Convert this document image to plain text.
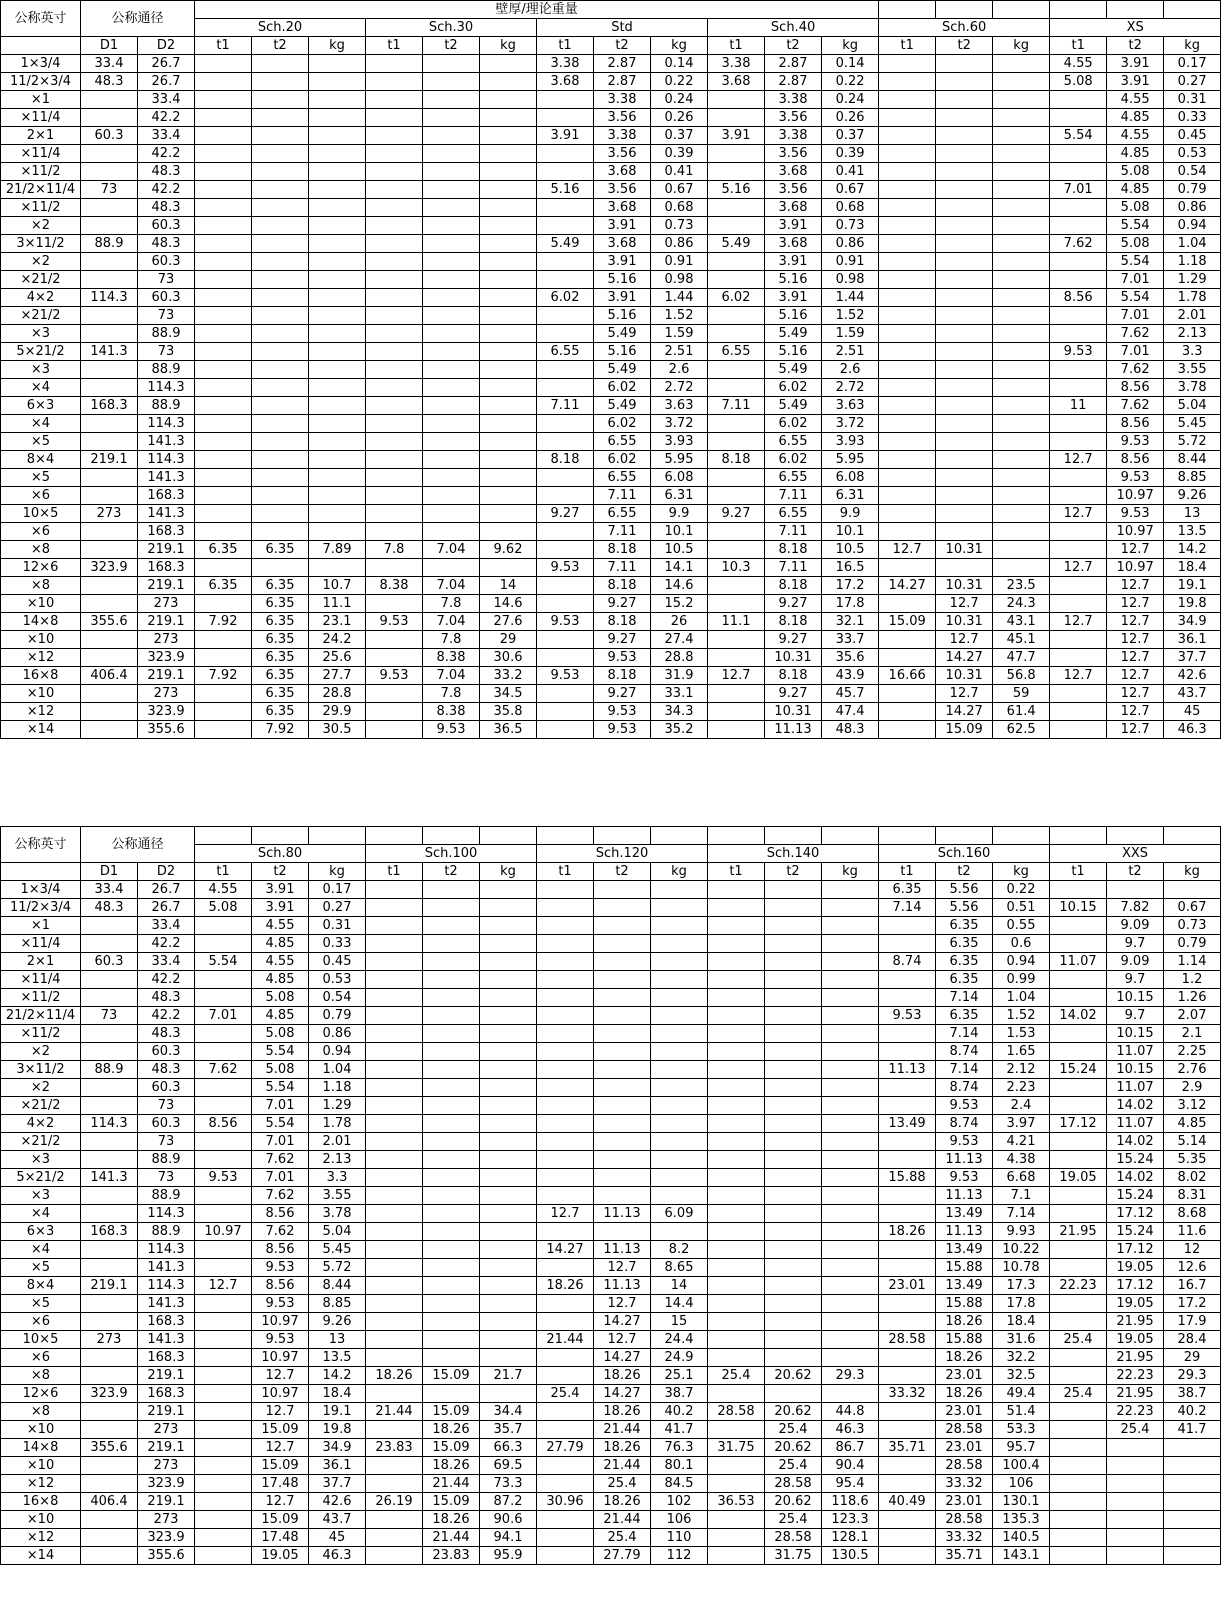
公称英寸	公称通径		壁厚/理论重量																	
			Sch.20			Sch.30			Std			Sch.40			Sch.60			XS		
	D1	D2	t1	t2	kg	t1	t2	kg	t1	t2	kg	t1	t2	kg	t1	t2	kg	t1	t2	kg
1×3/4	33.4	26.7							3.38	2.87	0.14	3.38	2.87	0.14				4.55	3.91	0.17
11/2×3/4	48.3	26.7							3.68	2.87	0.22	3.68	2.87	0.22				5.08	3.91	0.27
×1		33.4								3.38	0.24		3.38	0.24					4.55	0.31
×11/4		42.2								3.56	0.26		3.56	0.26					4.85	0.33
2×1	60.3	33.4							3.91	3.38	0.37	3.91	3.38	0.37				5.54	4.55	0.45
×11/4		42.2								3.56	0.39		3.56	0.39					4.85	0.53
×11/2		48.3								3.68	0.41		3.68	0.41					5.08	0.54
21/2×11/4	73	42.2							5.16	3.56	0.67	5.16	3.56	0.67				7.01	4.85	0.79
×11/2		48.3								3.68	0.68		3.68	0.68					5.08	0.86
×2		60.3								3.91	0.73		3.91	0.73					5.54	0.94
3×11/2	88.9	48.3							5.49	3.68	0.86	5.49	3.68	0.86				7.62	5.08	1.04
×2		60.3								3.91	0.91		3.91	0.91					5.54	1.18
×21/2		73								5.16	0.98		5.16	0.98					7.01	1.29
4×2	114.3	60.3							6.02	3.91	1.44	6.02	3.91	1.44				8.56	5.54	1.78
×21/2		73								5.16	1.52		5.16	1.52					7.01	2.01
×3		88.9								5.49	1.59		5.49	1.59					7.62	2.13
5×21/2	141.3	73							6.55	5.16	2.51	6.55	5.16	2.51				9.53	7.01	3.3
×3		88.9								5.49	2.6		5.49	2.6					7.62	3.55
×4		114.3								6.02	2.72		6.02	2.72					8.56	3.78
6×3	168.3	88.9							7.11	5.49	3.63	7.11	5.49	3.63				11	7.62	5.04
×4		114.3								6.02	3.72		6.02	3.72					8.56	5.45
×5		141.3								6.55	3.93		6.55	3.93					9.53	5.72
8×4	219.1	114.3							8.18	6.02	5.95	8.18	6.02	5.95				12.7	8.56	8.44
×5		141.3								6.55	6.08		6.55	6.08					9.53	8.85
×6		168.3								7.11	6.31		7.11	6.31					10.97	9.26
10×5	273	141.3							9.27	6.55	9.9	9.27	6.55	9.9				12.7	9.53	13
×6		168.3								7.11	10.1		7.11	10.1					10.97	13.5
×8		219.1	6.35	6.35	7.89	7.8	7.04	9.62		8.18	10.5		8.18	10.5	12.7	10.31			12.7	14.2
12×6	323.9	168.3							9.53	7.11	14.1	10.3	7.11	16.5				12.7	10.97	18.4
×8		219.1	6.35	6.35	10.7	8.38	7.04	14		8.18	14.6		8.18	17.2	14.27	10.31	23.5		12.7	19.1
×10		273		6.35	11.1		7.8	14.6		9.27	15.2		9.27	17.8		12.7	24.3		12.7	19.8
14×8	355.6	219.1	7.92	6.35	23.1	9.53	7.04	27.6	9.53	8.18	26	11.1	8.18	32.1	15.09	10.31	43.1	12.7	12.7	34.9
×10		273		6.35	24.2		7.8	29		9.27	27.4		9.27	33.7		12.7	45.1		12.7	36.1
×12		323.9		6.35	25.6		8.38	30.6		9.53	28.8		10.31	35.6		14.27	47.7		12.7	37.7
16×8	406.4	219.1	7.92	6.35	27.7	9.53	7.04	33.2	9.53	8.18	31.9	12.7	8.18	43.9	16.66	10.31	56.8	12.7	12.7	42.6
×10		273		6.35	28.8		7.8	34.5		9.27	33.1		9.27	45.7		12.7	59		12.7	43.7
×12		323.9		6.35	29.9		8.38	35.8		9.53	34.3		10.31	47.4		14.27	61.4		12.7	45
×14		355.6		7.92	30.5		9.53	36.5		9.53	35.2		11.13	48.3		15.09	62.5		12.7	46.3
公称英寸	公称通径																			
			Sch.80			Sch.100			Sch.120			Sch.140			Sch.160			XXS		
	D1	D2	t1	t2	kg	t1	t2	kg	t1	t2	kg	t1	t2	kg	t1	t2	kg	t1	t2	kg
1×3/4	33.4	26.7	4.55	3.91	0.17										6.35	5.56	0.22			
11/2×3/4	48.3	26.7	5.08	3.91	0.27										7.14	5.56	0.51	10.15	7.82	0.67
×1		33.4		4.55	0.31											6.35	0.55		9.09	0.73
×11/4		42.2		4.85	0.33											6.35	0.6		9.7	0.79
2×1	60.3	33.4	5.54	4.55	0.45										8.74	6.35	0.94	11.07	9.09	1.14
×11/4		42.2		4.85	0.53											6.35	0.99		9.7	1.2
×11/2		48.3		5.08	0.54											7.14	1.04		10.15	1.26
21/2×11/4	73	42.2	7.01	4.85	0.79										9.53	6.35	1.52	14.02	9.7	2.07
×11/2		48.3		5.08	0.86											7.14	1.53		10.15	2.1
×2		60.3		5.54	0.94											8.74	1.65		11.07	2.25
3×11/2	88.9	48.3	7.62	5.08	1.04										11.13	7.14	2.12	15.24	10.15	2.76
×2		60.3		5.54	1.18											8.74	2.23		11.07	2.9
×21/2		73		7.01	1.29											9.53	2.4		14.02	3.12
4×2	114.3	60.3	8.56	5.54	1.78										13.49	8.74	3.97	17.12	11.07	4.85
×21/2		73		7.01	2.01											9.53	4.21		14.02	5.14
×3		88.9		7.62	2.13											11.13	4.38		15.24	5.35
5×21/2	141.3	73	9.53	7.01	3.3										15.88	9.53	6.68	19.05	14.02	8.02
×3		88.9		7.62	3.55											11.13	7.1		15.24	8.31
×4		114.3		8.56	3.78				12.7	11.13	6.09					13.49	7.14		17.12	8.68
6×3	168.3	88.9	10.97	7.62	5.04										18.26	11.13	9.93	21.95	15.24	11.6
×4		114.3		8.56	5.45				14.27	11.13	8.2					13.49	10.22		17.12	12
×5		141.3		9.53	5.72					12.7	8.65					15.88	10.78		19.05	12.6
8×4	219.1	114.3	12.7	8.56	8.44				18.26	11.13	14				23.01	13.49	17.3	22.23	17.12	16.7
×5		141.3		9.53	8.85					12.7	14.4					15.88	17.8		19.05	17.2
×6		168.3		10.97	9.26					14.27	15					18.26	18.4		21.95	17.9
10×5	273	141.3		9.53	13				21.44	12.7	24.4				28.58	15.88	31.6	25.4	19.05	28.4
×6		168.3		10.97	13.5					14.27	24.9					18.26	32.2		21.95	29
×8		219.1		12.7	14.2	18.26	15.09	21.7		18.26	25.1	25.4	20.62	29.3		23.01	32.5		22.23	29.3
12×6	323.9	168.3		10.97	18.4				25.4	14.27	38.7				33.32	18.26	49.4	25.4	21.95	38.7
×8		219.1		12.7	19.1	21.44	15.09	34.4		18.26	40.2	28.58	20.62	44.8		23.01	51.4		22.23	40.2
×10		273		15.09	19.8		18.26	35.7		21.44	41.7		25.4	46.3		28.58	53.3		25.4	41.7
14×8	355.6	219.1		12.7	34.9	23.83	15.09	66.3	27.79	18.26	76.3	31.75	20.62	86.7	35.71	23.01	95.7			
×10		273		15.09	36.1		18.26	69.5		21.44	80.1		25.4	90.4		28.58	100.4			
×12		323.9		17.48	37.7		21.44	73.3		25.4	84.5		28.58	95.4		33.32	106			
16×8	406.4	219.1		12.7	42.6	26.19	15.09	87.2	30.96	18.26	102	36.53	20.62	118.6	40.49	23.01	130.1			
×10		273		15.09	43.7		18.26	90.6		21.44	106		25.4	123.3		28.58	135.3			
×12		323.9		17.48	45		21.44	94.1		25.4	110		28.58	128.1		33.32	140.5			
×14		355.6		19.05	46.3		23.83	95.9		27.79	112		31.75	130.5		35.71	143.1			
